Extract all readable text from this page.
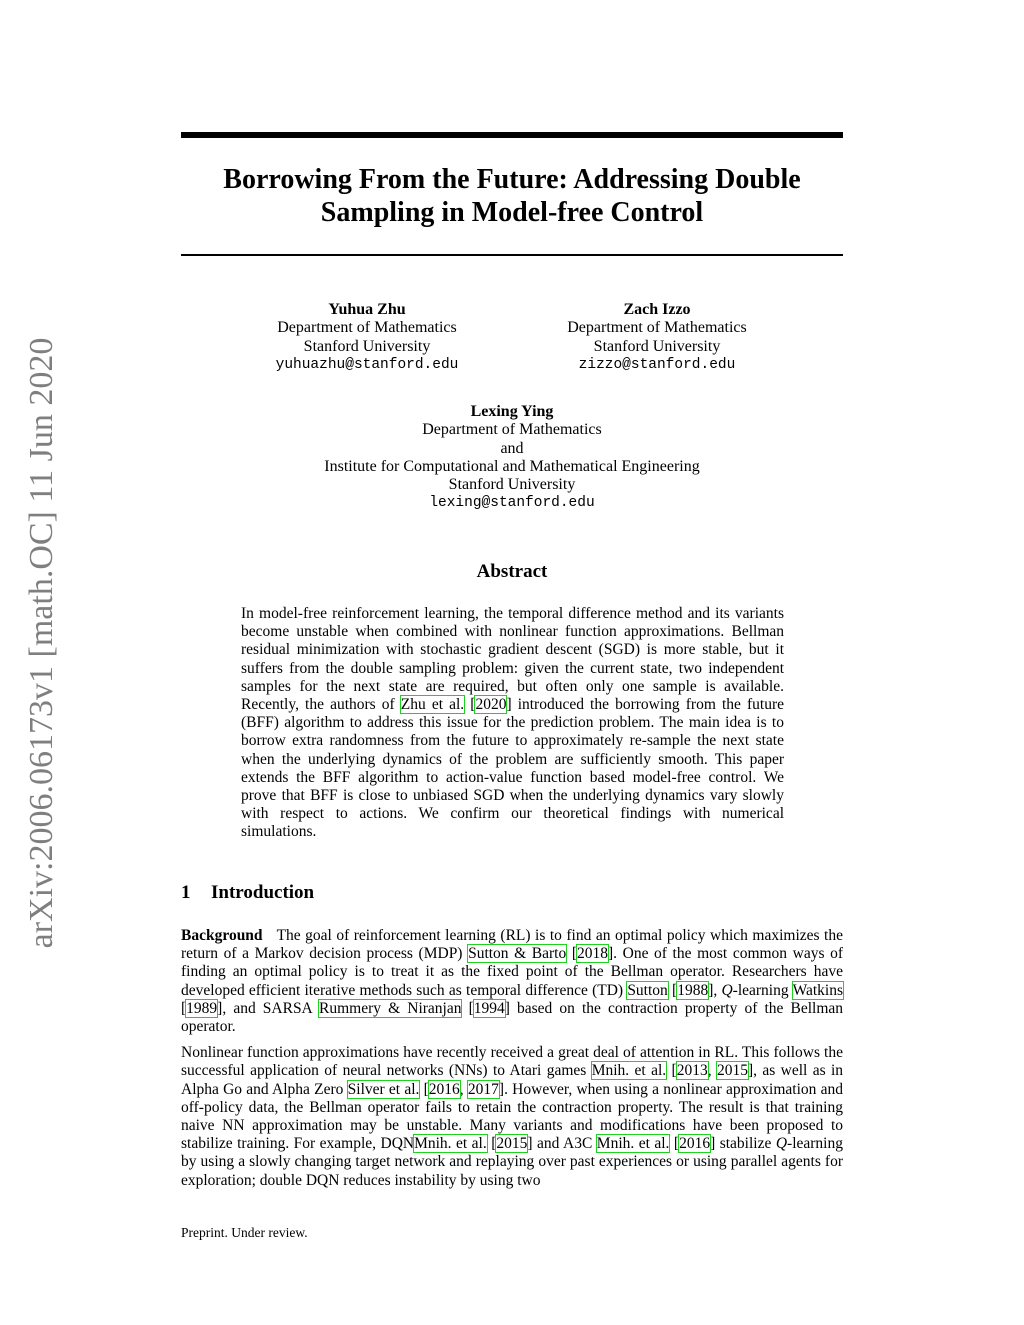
arXiv:2006.06173v1 [math.OC] 11 Jun 2020
Borrowing From the Future: Addressing Double
Sampling in Model-free Control
Yuhua Zhu
Department of Mathematics
Stanford University
yuhuazhu@stanford.edu
Zach Izzo
Department of Mathematics
Stanford University
zizzo@stanford.edu
Lexing Ying
Department of Mathematics
and
Institute for Computational and Mathematical Engineering
Stanford University
lexing@stanford.edu
Abstract
In model-free reinforcement learning, the temporal difference method and its variants become unstable when combined with nonlinear function approximations. Bellman residual minimization with stochastic gradient descent (SGD) is more stable, but it suffers from the double sampling problem: given the current state, two independent samples for the next state are required, but often only one sample is available. Recently, the authors of Zhu et al. [2020] introduced the borrowing from the future (BFF) algorithm to address this issue for the prediction problem. The main idea is to borrow extra randomness from the future to approximately re-sample the next state when the underlying dynamics of the problem are sufficiently smooth. This paper extends the BFF algorithm to action-value function based model-free control. We prove that BFF is close to unbiased SGD when the underlying dynamics vary slowly with respect to actions. We confirm our theoretical findings with numerical simulations.
1 Introduction

Background The goal of reinforcement learning (RL) is to find an optimal policy which maximizes the return of a Markov decision process (MDP) Sutton & Barto [2018]. One of the most common ways of finding an optimal policy is to treat it as the fixed point of the Bellman operator. Researchers have developed efficient iterative methods such as temporal difference (TD) Sutton [1988], Q-learning Watkins [1989], and SARSA Rummery & Niranjan [1994] based on the contraction property of the Bellman operator.

Nonlinear function approximations have recently received a great deal of attention in RL. This follows the successful application of neural networks (NNs) to Atari games Mnih. et al. [2013, 2015], as well as in Alpha Go and Alpha Zero Silver et al. [2016, 2017]. However, when using a nonlinear approximation and off-policy data, the Bellman operator fails to retain the contraction property. The result is that training naive NN approximation may be unstable. Many variants and modifications have been proposed to stabilize training. For example, DQNMnih. et al. [2015] and A3C Mnih. et al. [2016] stabilize Q-learning by using a slowly changing target network and replaying over past experiences or using parallel agents for exploration; double DQN reduces instability by using two

Preprint. Under review.
